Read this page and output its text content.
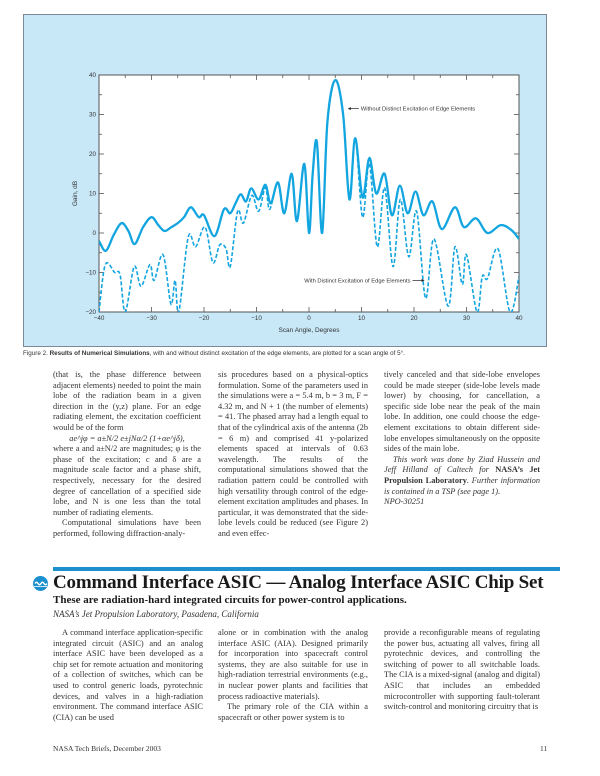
−40	−30	−20	−10	0	10	20	30	40
−20
−10
0
10
20
30
40
Scan Angle, Degrees
Gain, dB
Without Distinct Excitation of Edge Elements
With Distinct Excitation of Edge Elements
Figure 2. Results of Numerical Simulations, with and without distinct excitation of the edge elements, are plotted for a scan angle of 5°.

(that is, the phase difference between adjacent elements) needed to point the main lobe of the radiation beam in a given direction in the (y,z) plane. For an edge radiating element, the excitation coefficient would be of the form

ae^jφ = a±N/2 e±jNα/2 (1+αe^jδ),

where a and a±N/2 are magnitudes; φ is the phase of the excitation; c and δ are a magnitude scale factor and a phase shift, respectively, necessary for the desired degree of cancellation of a specified side lobe, and N is one less than the total number of radiating elements.

Computational simulations have been performed, following diffraction-analy-

sis procedures based on a physical-optics formulation. Some of the parameters used in the simulations were a = 5.4 m, b = 3 m, F = 4.32 m, and N + 1 (the number of elements) = 41. The phased array had a length equal to that of the cylindrical axis of the antenna (2b = 6 m) and comprised 41 y-polarized elements spaced at intervals of 0.63 wavelength. The results of the computational simulations showed that the radiation pattern could be controlled with high versatility through control of the edge-element excitation amplitudes and phases. In particular, it was demonstrated that the side-lobe levels could be reduced (see Figure 2) and even effec-

tively canceled and that side-lobe envelopes could be made steeper (side-lobe levels made lower) by choosing, for cancellation, a specific side lobe near the peak of the main lobe. In addition, one could choose the edge-element excitations to obtain different side-lobe envelopes simultaneously on the opposite sides of the main lobe.

This work was done by Ziad Hussein and Jeff Hilland of Caltech for NASA’s Jet Propulsion Laboratory. Further information is contained in a TSP (see page 1).

NPO-30251

Command Interface ASIC — Analog Interface ASIC Chip Set
These are radiation-hard integrated circuits for power-control applications.
NASA’s Jet Propulsion Laboratory, Pasadena, California

A command interface application-specific integrated circuit (ASIC) and an analog interface ASIC have been developed as a chip set for remote actuation and monitoring of a collection of switches, which can be used to control generic loads, pyrotechnic devices, and valves in a high-radiation environment. The command interface ASIC (CIA) can be used

alone or in combination with the analog interface ASIC (AIA). Designed primarily for incorporation into spacecraft control systems, they are also suitable for use in high-radiation terrestrial environments (e.g., in nuclear power plants and facilities that process radioactive materials).

The primary role of the CIA within a spacecraft or other power system is to

provide a reconfigurable means of regulating the power bus, actuating all valves, firing all pyrotechnic devices, and controlling the switching of power to all switchable loads. The CIA is a mixed-signal (analog and digital) ASIC that includes an embedded microcontroller with supporting fault-tolerant switch-control and monitoring circuitry that is

NASA Tech Briefs, December 2003	11
